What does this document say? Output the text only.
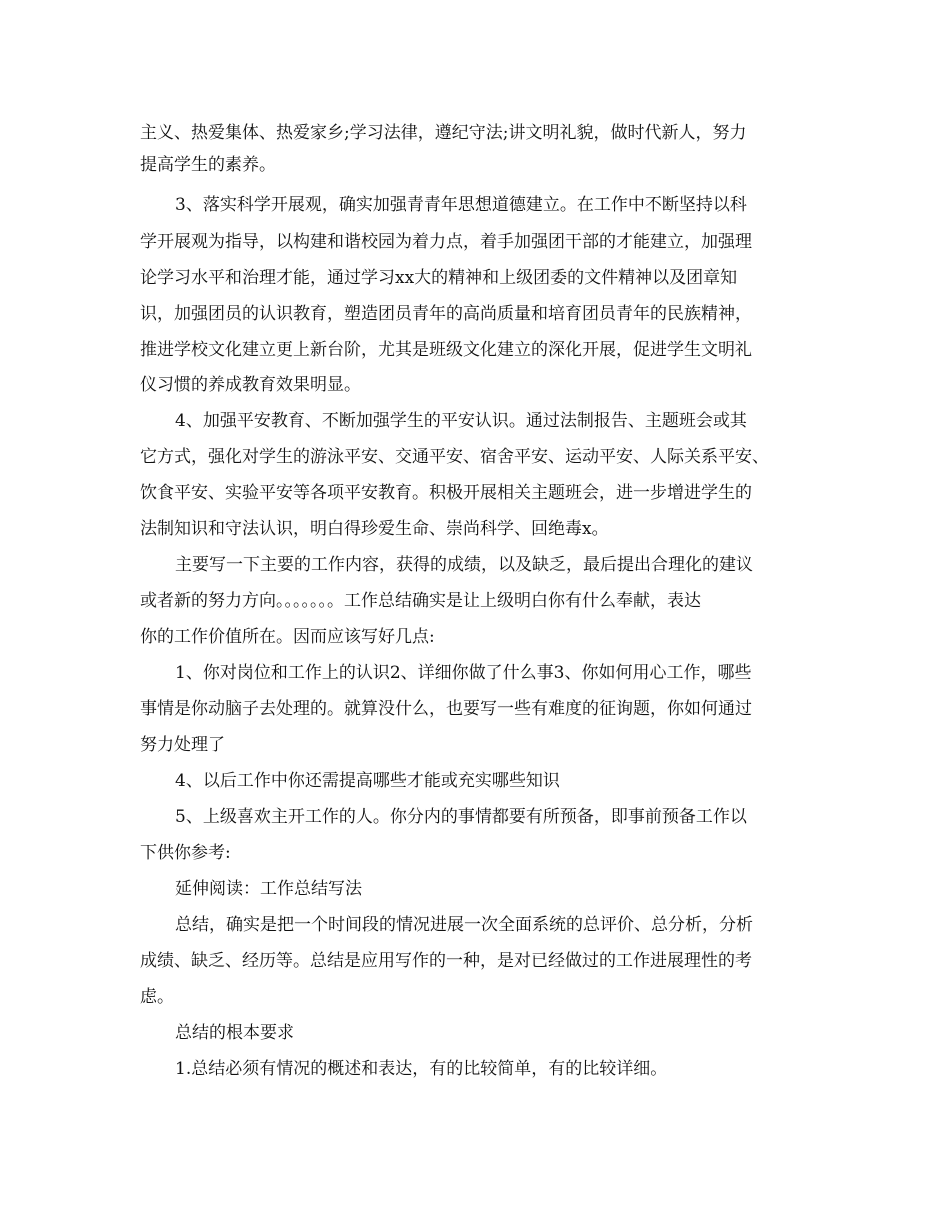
主义、热爱集体、热爱家乡;学习法律，遵纪守法;讲文明礼貌，做时代新人，努力
提高学生的素养。
3、落实科学开展观，确实加强青青年思想道德建立。在工作中不断坚持以科
学开展观为指导，以构建和谐校园为着力点，着手加强团干部的才能建立，加强理
论学习水平和治理才能，通过学习xx大的精神和上级团委的文件精神以及团章知
识，加强团员的认识教育，塑造团员青年的高尚质量和培育团员青年的民族精神，
推进学校文化建立更上新台阶，尤其是班级文化建立的深化开展，促进学生文明礼
仪习惯的养成教育效果明显。
4、加强平安教育、不断加强学生的平安认识。通过法制报告、主题班会或其
它方式，强化对学生的游泳平安、交通平安、宿舍平安、运动平安、人际关系平安、
饮食平安、实验平安等各项平安教育。积极开展相关主题班会，进一步增进学生的
法制知识和守法认识，明白得珍爱生命、崇尚科学、回绝毒x。
主要写一下主要的工作内容，获得的成绩，以及缺乏，最后提出合理化的建议
或者新的努力方向。。。。。。。工作总结确实是让上级明白你有什么奉献，表达
你的工作价值所在。因而应该写好几点:
1、你对岗位和工作上的认识2、详细你做了什么事3、你如何用心工作，哪些
事情是你动脑子去处理的。就算没什么，也要写一些有难度的征询题，你如何通过
努力处理了
4、以后工作中你还需提高哪些才能或充实哪些知识
5、上级喜欢主开工作的人。你分内的事情都要有所预备，即事前预备工作以
下供你参考:
延伸阅读：工作总结写法
总结，确实是把一个时间段的情况进展一次全面系统的总评价、总分析，分析
成绩、缺乏、经历等。总结是应用写作的一种，是对已经做过的工作进展理性的考
虑。
总结的根本要求
1.总结必须有情况的概述和表达，有的比较简单，有的比较详细。
